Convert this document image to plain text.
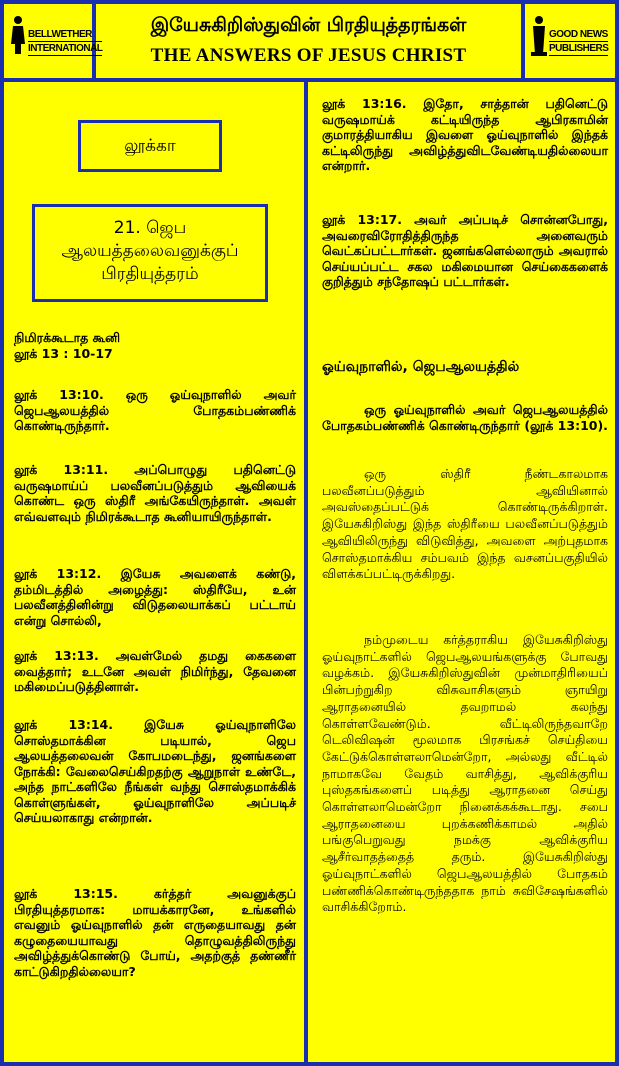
BELLWETHER
INTERNATIONAL
இயேசுகிறிஸ்துவின் பிரதியுத்தரங்கள்
THE ANSWERS OF JESUS CHRIST
GOOD NEWS
PUBLISHERS
லூக்கா
21. ஜெப
ஆலயத்தலைவனுக்குப்
பிரதியுத்தரம்
நிமிரக்கூடாத கூனி
லூக் 13 : 10-17
லூக் 13:10. ஒரு ஓய்வுநாளில் அவர் ஜெபஆலயத்தில் போதகம்பண்ணிக் கொண்டிருந்தார்.
லூக் 13:11. அப்பொழுது பதினெட்டு வருஷமாய்ப் பலவீனப்படுத்தும் ஆவியைக் கொண்ட ஒரு ஸ்திரீ அங்கேயிருந்தாள். அவள் எவ்வளவும் நிமிரக்கூடாத கூனியாயிருந்தாள்.
லூக் 13:12. இயேசு அவளைக் கண்டு, தம்மிடத்தில் அழைத்து: ஸ்திரீயே, உன் பலவீனத்தினின்று விடுதலையாக்கப் பட்டாய் என்று சொல்லி,
லூக் 13:13. அவள்மேல் தமது கைகளை வைத்தார்; உடனே அவள் நிமிர்ந்து, தேவனை மகிமைப்படுத்தினாள்.
லூக் 13:14. இயேசு ஓய்வுநாளிலே சொஸ்தமாக்கின படியால், ஜெப ஆலயத்தலைவன் கோபமடைந்து, ஜனங்களை நோக்கி: வேலைசெய்கிறதற்கு ஆறுநாள் உண்டே, அந்த நாட்களிலே நீங்கள் வந்து சொஸ்தமாக்கிக் கொள்ளுங்கள், ஓய்வுநாளிலே அப்படிச் செய்யலாகாது என்றான்.
லூக் 13:15. கர்த்தர் அவனுக்குப் பிரதியுத்தரமாக: மாயக்காரனே, உங்களில் எவனும் ஓய்வுநாளில் தன் எருதையாவது தன் கழுதையையாவது தொழுவத்திலிருந்து அவிழ்த்துக்கொண்டு போய், அதற்குத் தண்ணீர் காட்டுகிறதில்லையா?
லூக் 13:16. இதோ, சாத்தான் பதினெட்டு வருஷமாய்க் கட்டியிருந்த ஆபிரகாமின் குமாரத்தியாகிய இவளை ஓய்வுநாளில் இந்தக் கட்டிலிருந்து அவிழ்த்துவிடவேண்டியதில்லையா என்றார்.
லூக் 13:17. அவர் அப்படிச் சொன்னபோது, அவரைவிரோதித்திருந்த அனைவரும் வெட்கப்பட்டார்கள். ஜனங்களெல்லாரும் அவரால் செய்யப்பட்ட சகல மகிமையான செய்கைகளைக் குறித்தும் சந்தோஷப் பட்டார்கள்.
ஓய்வுநாளில், ஜெபஆலயத்தில்
ஒரு ஓய்வுநாளில் அவர் ஜெபஆலயத்தில் போதகம்பண்ணிக் கொண்டிருந்தார் (லூக் 13:10).
ஒரு ஸ்திரீ நீண்டகாலமாக பலவீனப்படுத்தும் ஆவியினால் அவஸ்தைப்பட்டுக் கொண்டிருக்கிறாள். இயேசுகிறிஸ்து இந்த ஸ்திரீயை பலவீனப்படுத்தும் ஆவியிலிருந்து விடுவித்து, அவளை அற்புதமாக சொஸ்தமாக்கிய சம்பவம் இந்த வசனப்பகுதியில் விளக்கப்பட்டிருக்கிறது.
நம்முடைய கர்த்தராகிய இயேசுகிறிஸ்து ஓய்வுநாட்களில் ஜெபஆலயங்களுக்கு போவது வழக்கம். இயேசுகிறிஸ்துவின் முன்மாதிரியைப் பின்பற்றுகிற விசுவாசிகளும் ஞாயிறு ஆராதனையில் தவறாமல் கலந்து கொள்ளவேண்டும். வீட்டிலிருந்தவாறே டெலிவிஷன் மூலமாக பிரசங்கச் செய்தியை கேட்டுக்கொள்ளலாமென்றோ, அல்லது வீட்டில் நாமாகவே வேதம் வாசித்து, ஆவிக்குரிய புஸ்தகங்களைப் படித்து ஆராதனை செய்து கொள்ளலாமென்றோ நினைக்கக்கூடாது. சபை ஆராதனையை புறக்கணிக்காமல் அதில் பங்குபெறுவது நமக்கு ஆவிக்குரிய ஆசீர்வாதத்தைத் தரும். இயேசுகிறிஸ்து ஓய்வுநாட்களில் ஜெபஆலயத்தில் போதகம் பண்ணிக்கொண்டிருந்ததாக நாம் சுவிசேஷங்களில் வாசிக்கிறோம்.
